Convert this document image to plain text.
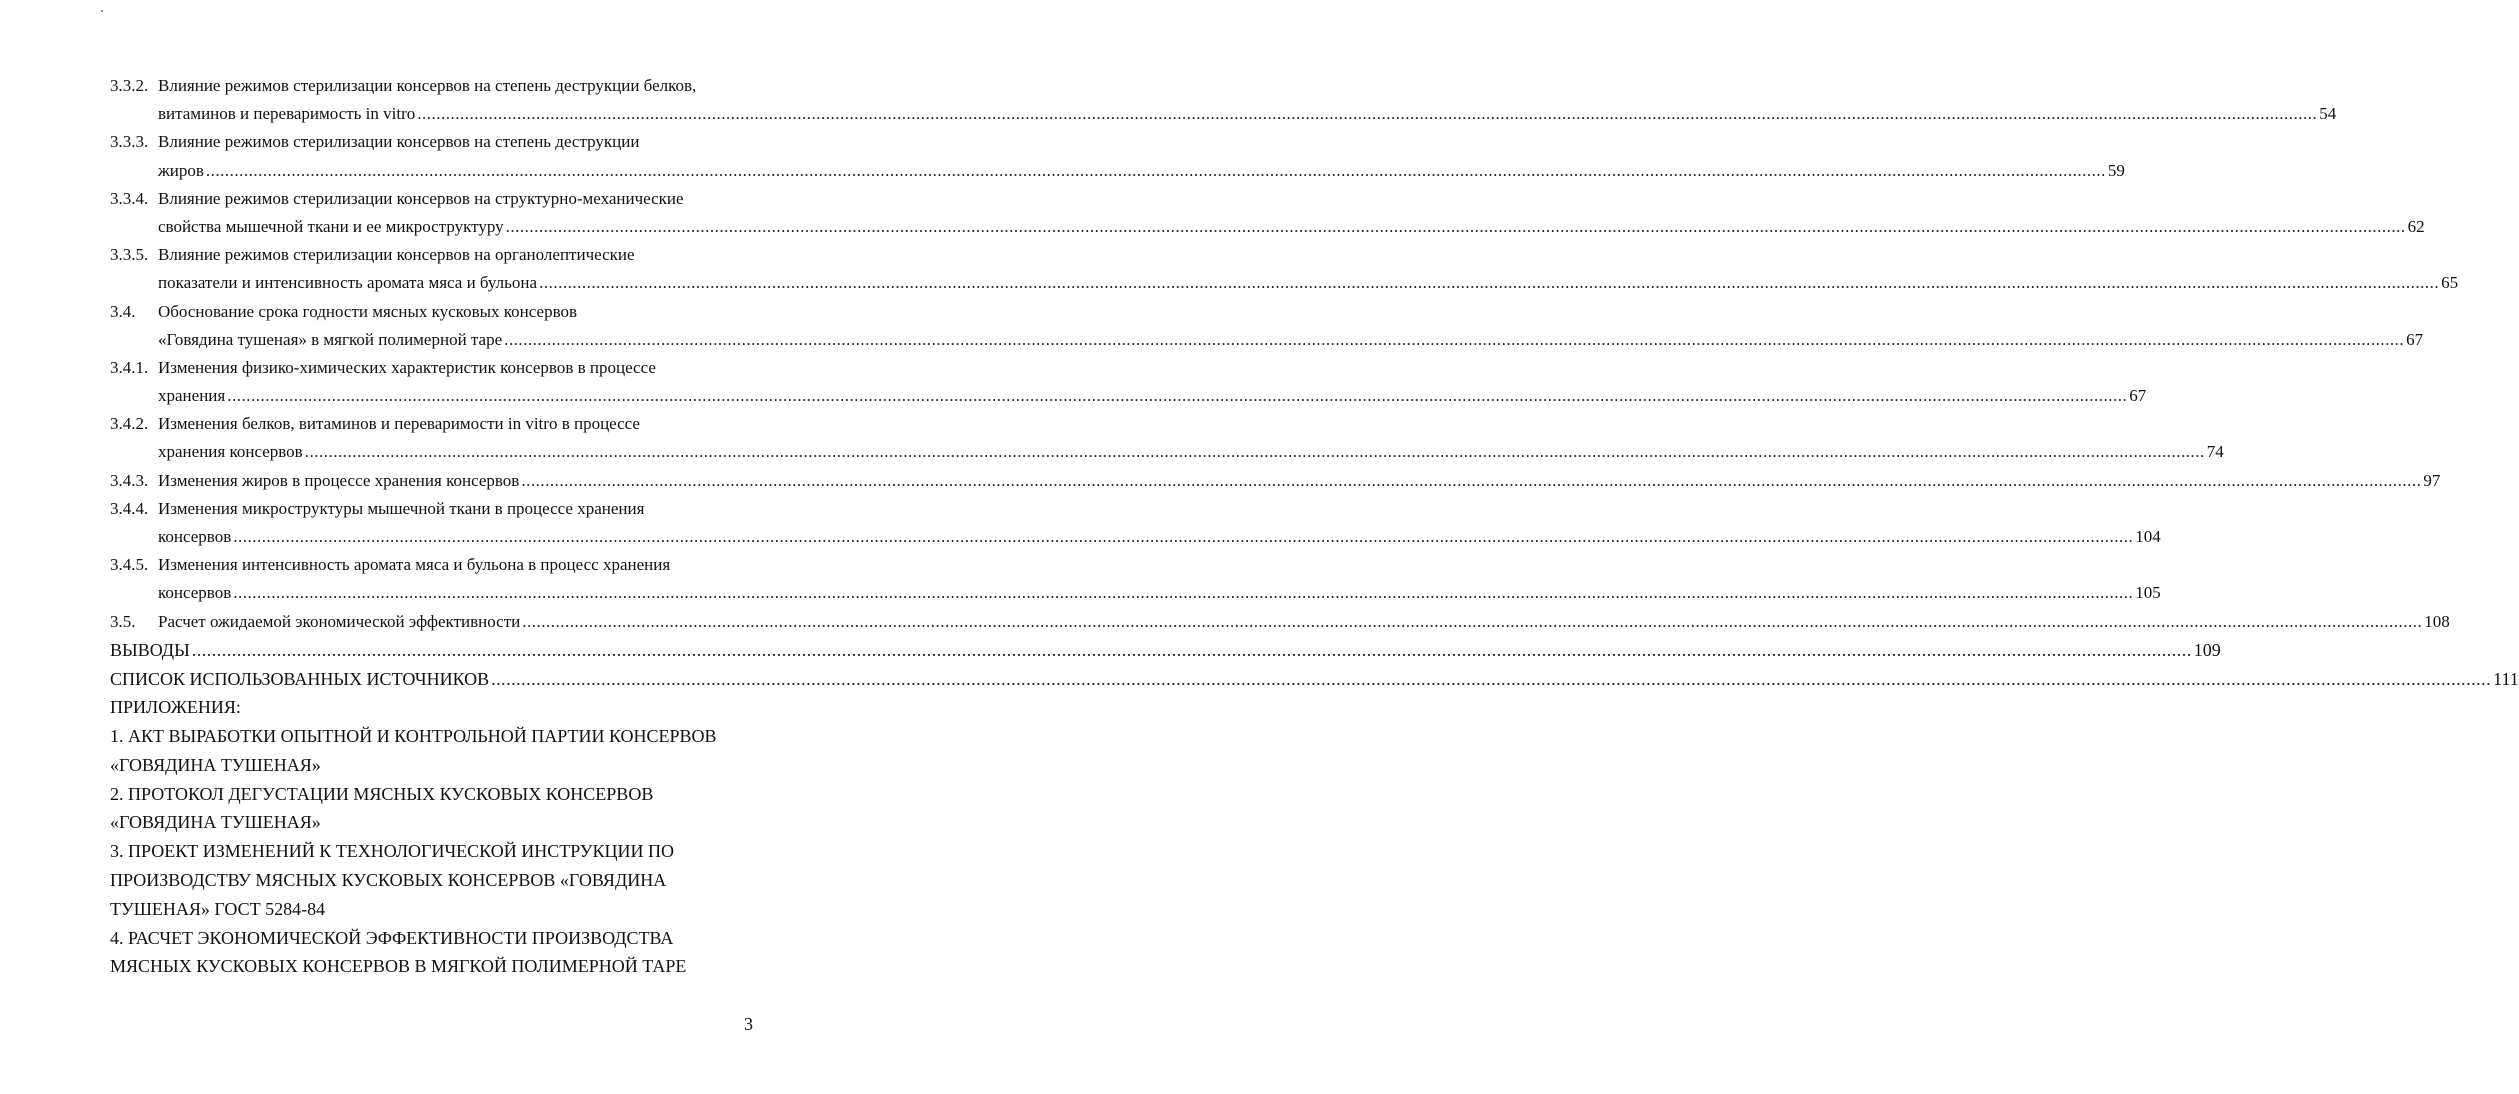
3.3.2. Влияние режимов стерилизации консервов на степень деструкции белков,
витаминов и переваримость in vitro ................................................................................................................................................................................................................................................................................................................................................................................................................ 54
3.3.3. Влияние режимов стерилизации консервов на степень деструкции
жиров ................................................................................................................................................................................................................................................................................................................................................................................................................ 59
3.3.4. Влияние режимов стерилизации консервов на структурно-механические
свойства мышечной ткани и ее микроструктуру ................................................................................................................................................................................................................................................................................................................................................................................................................ 62
3.3.5. Влияние режимов стерилизации консервов на органолептические
показатели и интенсивность аромата мяса и бульона ................................................................................................................................................................................................................................................................................................................................................................................................................ 65
3.4. Обоснование срока годности мясных кусковых консервов
«Говядина тушеная» в мягкой полимерной таре ................................................................................................................................................................................................................................................................................................................................................................................................................ 67
3.4.1. Изменения физико-химических характеристик консервов в процессе
хранения ................................................................................................................................................................................................................................................................................................................................................................................................................ 67
3.4.2. Изменения белков, витаминов и переваримости in vitro в процессе
хранения консервов ................................................................................................................................................................................................................................................................................................................................................................................................................ 74
3.4.3. Изменения жиров в процессе хранения консервов ................................................................................................................................................................................................................................................................................................................................................................................................................ 97
3.4.4. Изменения микроструктуры мышечной ткани в процессе хранения
консервов ................................................................................................................................................................................................................................................................................................................................................................................................................ 104
3.4.5. Изменения интенсивность аромата мяса и бульона в процесс хранения
консервов ................................................................................................................................................................................................................................................................................................................................................................................................................ 105
3.5. Расчет ожидаемой экономической эффективности ................................................................................................................................................................................................................................................................................................................................................................................................................ 108
ВЫВОДЫ ................................................................................................................................................................................................................................................................................................................................................................................................................ 109
СПИСОК ИСПОЛЬЗОВАННЫХ ИСТОЧНИКОВ ................................................................................................................................................................................................................................................................................................................................................................................................................ 111
ПРИЛОЖЕНИЯ:
1. АКТ ВЫРАБОТКИ ОПЫТНОЙ И КОНТРОЛЬНОЙ ПАРТИИ КОНСЕРВОВ
«ГОВЯДИНА ТУШЕНАЯ»
2. ПРОТОКОЛ ДЕГУСТАЦИИ МЯСНЫХ КУСКОВЫХ КОНСЕРВОВ
«ГОВЯДИНА ТУШЕНАЯ»
3. ПРОЕКТ ИЗМЕНЕНИЙ К ТЕХНОЛОГИЧЕСКОЙ ИНСТРУКЦИИ ПО
ПРОИЗВОДСТВУ МЯСНЫХ КУСКОВЫХ КОНСЕРВОВ «ГОВЯДИНА
ТУШЕНАЯ» ГОСТ 5284-84
4. РАСЧЕТ ЭКОНОМИЧЕСКОЙ ЭФФЕКТИВНОСТИ ПРОИЗВОДСТВА
МЯСНЫХ КУСКОВЫХ КОНСЕРВОВ В МЯГКОЙ ПОЛИМЕРНОЙ ТАРЕ
3
